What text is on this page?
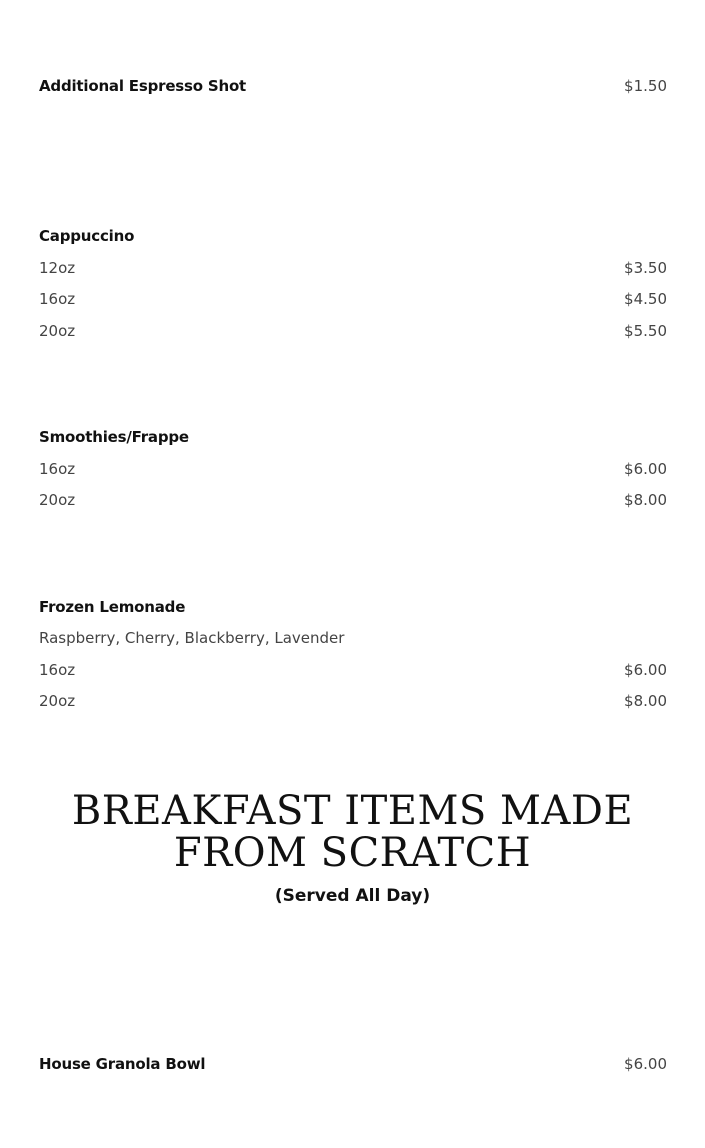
Additional Espresso Shot	$1.50
Cappuccino
12oz	$3.50
16oz	$4.50
20oz	$5.50
Smoothies/Frappe
16oz	$6.00
20oz	$8.00
Frozen Lemonade
Raspberry, Cherry, Blackberry, Lavender
16oz	$6.00
20oz	$8.00
BREAKFAST ITEMS MADE FROM SCRATCH
(Served All Day)
House Granola Bowl	$6.00
